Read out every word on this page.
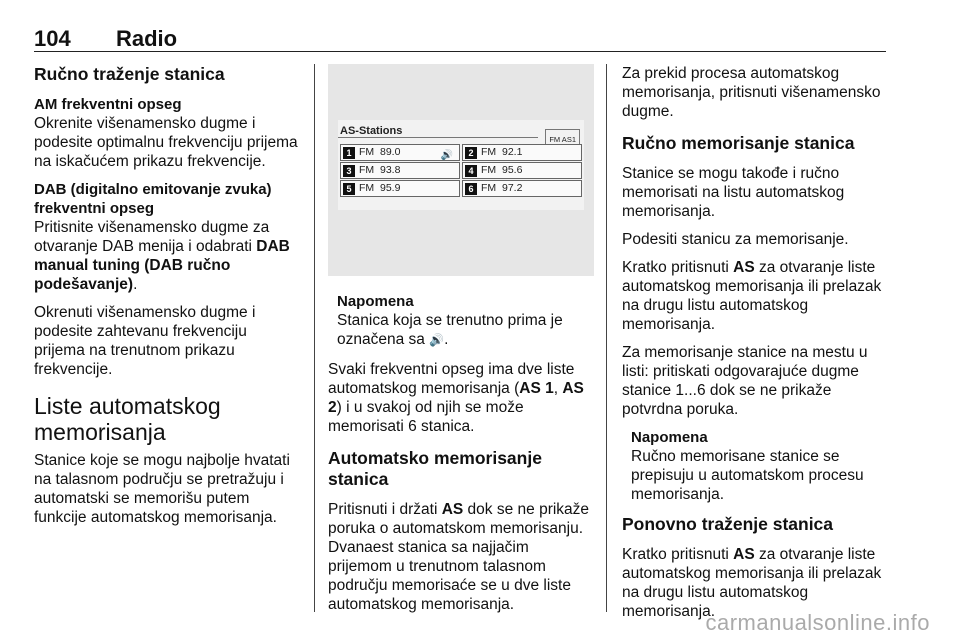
104 Radio
Ručno traženje stanica
AM frekventni opseg

Okrenite višenamensko dugme i podesite optimalnu frekvenciju prijema na iskačućem prikazu frekvencije.

DAB (digitalno emitovanje zvuka) frekventni opseg

Pritisnite višenamensko dugme za otvaranje DAB menija i odabrati DAB manual tuning (DAB ručno podešavanje).

Okrenuti višenamensko dugme i podesite zahtevanu frekvenciju prijema na trenutnom prikazu frekvencije.

Liste automatskog memorisanja

Stanice koje se mogu najbolje hvatati na talasnom području se pretražuju i automatski se memorišu putem funkcije automatskog memorisanja.

AS-Stations
FM AS1
1 FM  89.0	🔊	2 FM  92.1
3 FM  93.8	4 FM  95.6
5 FM  95.9	6 FM  97.2
Napomena
Stanica koja se trenutno prima je označena sa 🔊.

Svaki frekventni opseg ima dve liste automatskog memorisanja (AS 1, AS 2) i u svakoj od njih se može memorisati 6 stanica.

Automatsko memorisanje stanica

Pritisnuti i držati AS dok se ne prikaže poruka o automatskom memorisanju. Dvanaest stanica sa najjačim prijemom u trenutnom talasnom području memorisaće se u dve liste automatskog memorisanja.

Za prekid procesa automatskog memorisanja, pritisnuti višenamensko dugme.

Ručno memorisanje stanica

Stanice se mogu takođe i ručno memorisati na listu automatskog memorisanja.

Podesiti stanicu za memorisanje.

Kratko pritisnuti AS za otvaranje liste automatskog memorisanja ili prelazak na drugu listu automatskog memorisanja.

Za memorisanje stanice na mestu u listi: pritiskati odgovarajuće dugme stanice 1...6 dok se ne prikaže potvrdna poruka.

Napomena
Ručno memorisane stanice se prepisuju u automatskom procesu memorisanja.
Ponovno traženje stanica

Kratko pritisnuti AS za otvaranje liste automatskog memorisanja ili prelazak na drugu listu automatskog memorisanja.

carmanualsonline.info
